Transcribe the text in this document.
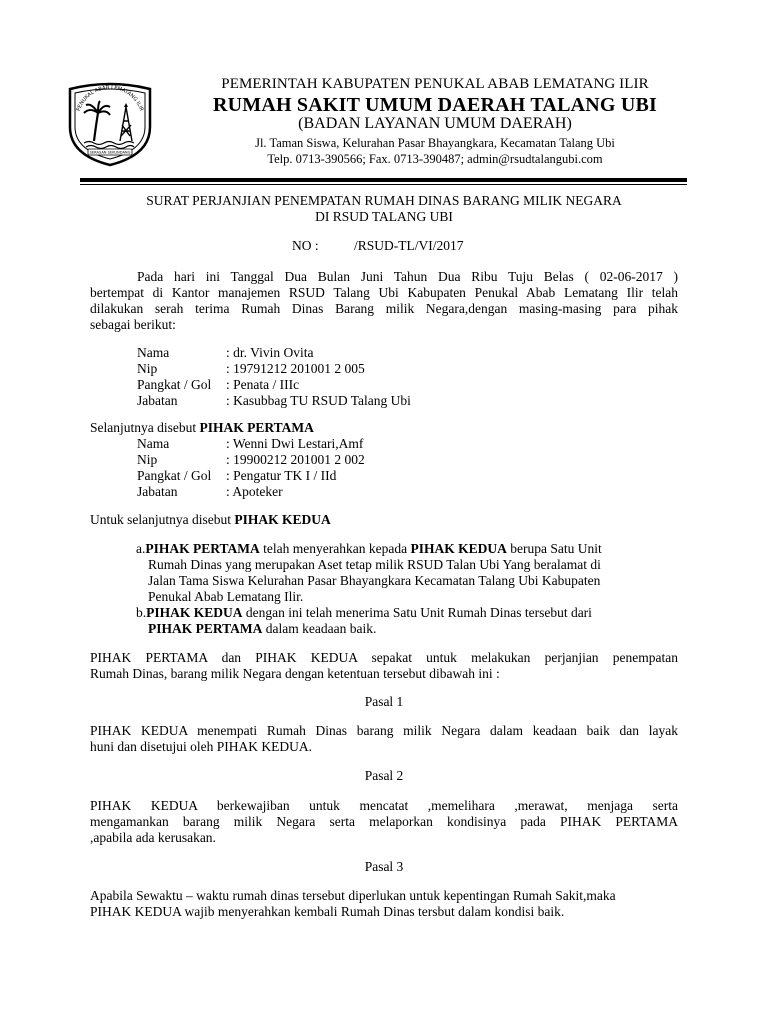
PENUKAL ABAB LEMATANG ILIR
SERASAN SEKUNDANG
PEMERINTAH KABUPATEN PENUKAL ABAB LEMATANG ILIR
RUMAH SAKIT UMUM DAERAH TALANG UBI
(BADAN LAYANAN UMUM DAERAH)
Jl. Taman Siswa, Kelurahan Pasar Bhayangkara, Kecamatan Talang Ubi
Telp. 0713-390566; Fax. 0713-390487; admin@rsudtalangubi.com
SURAT PERJANJIAN PENEMPATAN RUMAH DINAS BARANG MILIK NEGARA
DI RSUD TALANG UBI
NO :	/RSUD-TL/VI/2017
Pada hari ini Tanggal Dua Bulan Juni Tahun Dua Ribu Tuju Belas ( 02-06-2017 )
bertempat di Kantor manajemen RSUD Talang Ubi Kabupaten Penukal Abab Lematang Ilir telah
dilakukan serah terima Rumah Dinas Barang milik Negara,dengan masing-masing para pihak
sebagai berikut:
Nama	: dr. Vivin Ovita
Nip	: 19791212 201001 2 005
Pangkat / Gol : Penata / IIIc
Jabatan	: Kasubbag TU RSUD Talang Ubi
Selanjutnya disebut PIHAK PERTAMA
Nama	: Wenni Dwi Lestari,Amf
Nip	: 19900212 201001 2 002
Pangkat / Gol : Pengatur TK I / IId
Jabatan	: Apoteker
Untuk selanjutnya disebut PIHAK KEDUA
a.PIHAK PERTAMA telah menyerahkan kepada PIHAK KEDUA berupa Satu Unit
Rumah Dinas yang merupakan Aset tetap milik RSUD Talan Ubi Yang beralamat di
Jalan Tama Siswa Kelurahan Pasar Bhayangkara Kecamatan Talang Ubi Kabupaten
Penukal Abab Lematang Ilir.
b.PIHAK KEDUA dengan ini telah menerima Satu Unit Rumah Dinas tersebut dari
PIHAK PERTAMA dalam keadaan baik.
PIHAK PERTAMA dan PIHAK KEDUA sepakat untuk melakukan perjanjian penempatan
Rumah Dinas, barang milik Negara dengan ketentuan tersebut dibawah ini :
Pasal 1
PIHAK KEDUA menempati Rumah Dinas barang milik Negara dalam keadaan baik dan layak
huni dan disetujui oleh PIHAK KEDUA.
Pasal 2
PIHAK KEDUA berkewajiban untuk mencatat ,memelihara ,merawat, menjaga serta
mengamankan barang milik Negara serta melaporkan kondisinya pada PIHAK PERTAMA
,apabila ada kerusakan.
Pasal 3
Apabila Sewaktu – waktu rumah dinas tersebut diperlukan untuk kepentingan Rumah Sakit,maka
PIHAK KEDUA wajib menyerahkan kembali Rumah Dinas tersbut dalam kondisi baik.
